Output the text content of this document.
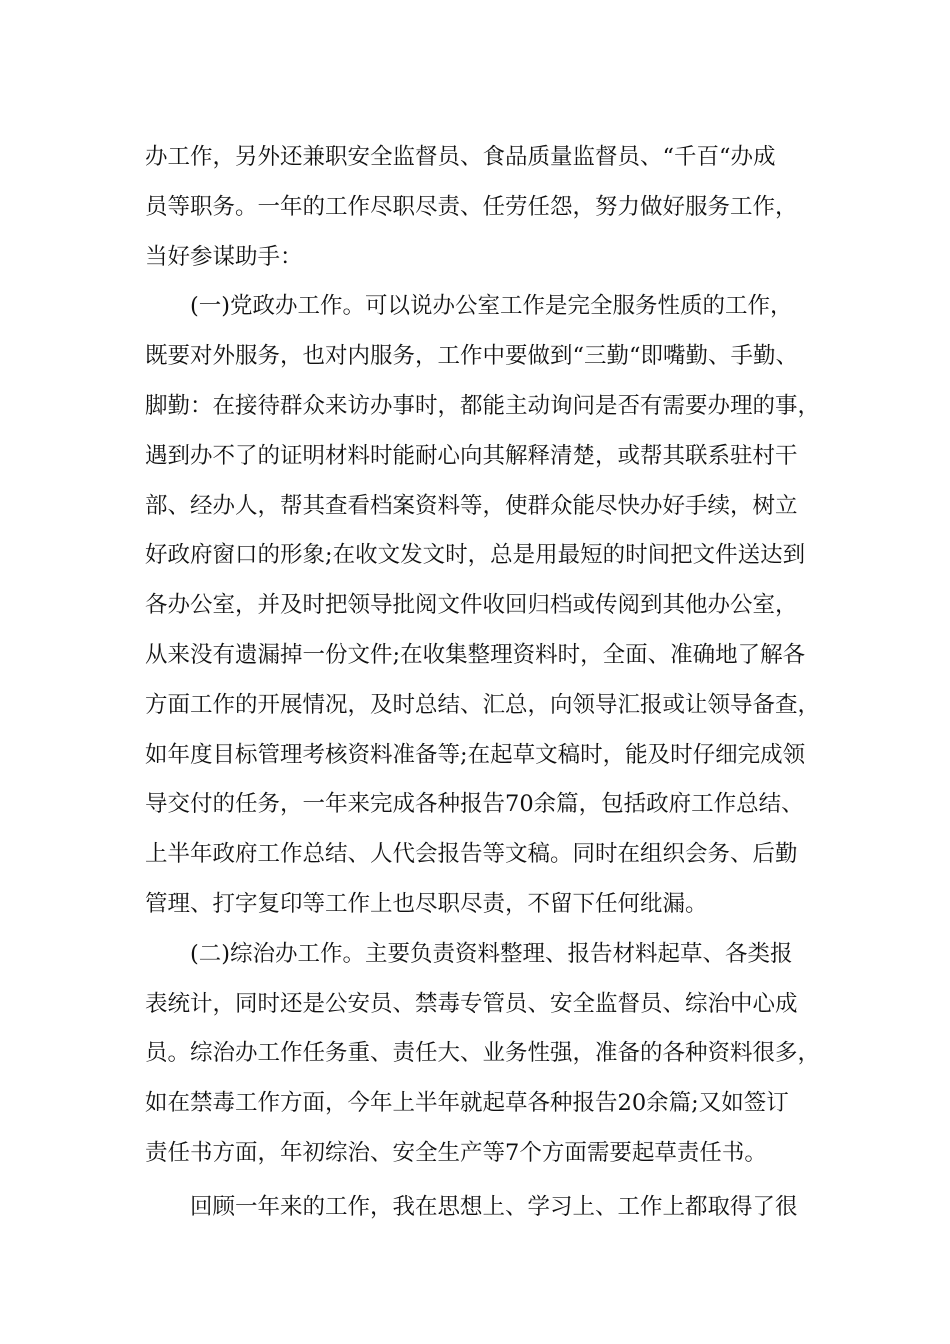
办工作，另外还兼职安全监督员、食品质量监督员、“千百“办成
员等职务。一年的工作尽职尽责、任劳任怨，努力做好服务工作，
当好参谋助手：
(一)党政办工作。可以说办公室工作是完全服务性质的工作，
既要对外服务，也对内服务，工作中要做到“三勤“即嘴勤、手勤、
脚勤：在接待群众来访办事时，都能主动询问是否有需要办理的事，
遇到办不了的证明材料时能耐心向其解释清楚，或帮其联系驻村干
部、经办人，帮其查看档案资料等，使群众能尽快办好手续，树立
好政府窗口的形象;在收文发文时，总是用最短的时间把文件送达到
各办公室，并及时把领导批阅文件收回归档或传阅到其他办公室，
从来没有遗漏掉一份文件;在收集整理资料时，全面、准确地了解各
方面工作的开展情况，及时总结、汇总，向领导汇报或让领导备查，
如年度目标管理考核资料准备等;在起草文稿时，能及时仔细完成领
导交付的任务，一年来完成各种报告70余篇，包括政府工作总结、
上半年政府工作总结、人代会报告等文稿。同时在组织会务、后勤
管理、打字复印等工作上也尽职尽责，不留下任何纰漏。
(二)综治办工作。主要负责资料整理、报告材料起草、各类报
表统计，同时还是公安员、禁毒专管员、安全监督员、综治中心成
员。综治办工作任务重、责任大、业务性强，准备的各种资料很多，
如在禁毒工作方面，今年上半年就起草各种报告20余篇;又如签订
责任书方面，年初综治、安全生产等7个方面需要起草责任书。
回顾一年来的工作，我在思想上、学习上、工作上都取得了很
